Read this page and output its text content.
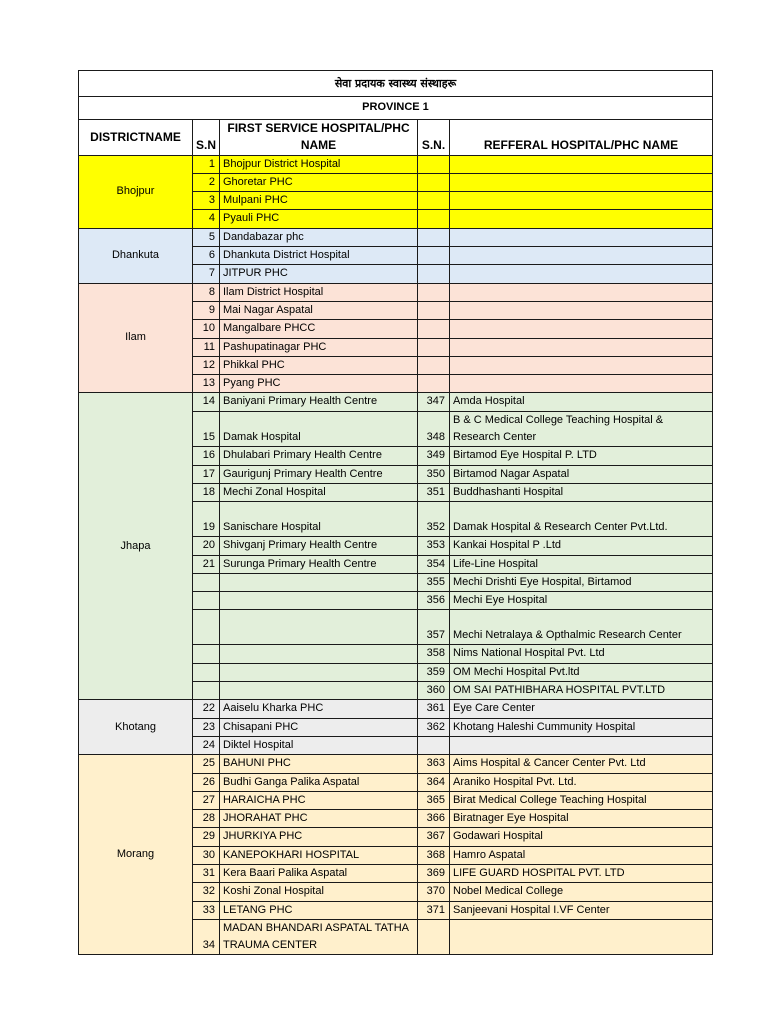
सेवा प्रदायक स्वास्थ्य संस्थाहरू				
PROVINCE 1				
DISTRICTNAME		FIRST SERVICE HOSPITAL/PHC		
	S.N	NAME	S.N.	REFFERAL HOSPITAL/PHC NAME
Bhojpur	1	Bhojpur District Hospital		
	2	Ghoretar PHC		
	3	Mulpani PHC		
	4	Pyauli PHC		
Dhankuta	5	Dandabazar phc		
	6	Dhankuta District Hospital		
	7	JITPUR PHC		
Ilam	8	Ilam District Hospital		
	9	Mai Nagar Aspatal		
	10	Mangalbare PHCC		
	11	Pashupatinagar PHC		
	12	Phikkal PHC		
	13	Pyang PHC		
Jhapa	14	Baniyani Primary Health Centre	347	Amda Hospital
	15	Damak Hospital	348	B & C Medical College Teaching Hospital & Research Center
	16	Dhulabari Primary Health Centre	349	Birtamod Eye Hospital P. LTD
	17	Gaurigunj Primary Health Centre	350	Birtamod Nagar Aspatal
	18	Mechi Zonal Hospital	351	Buddhashanti Hospital
	19	Sanischare Hospital	352	Damak Hospital & Research Center Pvt.Ltd.
	20	Shivganj Primary Health Centre	353	Kankai Hospital P .Ltd
	21	Surunga Primary Health Centre	354	Life-Line Hospital
			355	Mechi Drishti Eye Hospital, Birtamod
			356	Mechi Eye Hospital
			357	Mechi Netralaya & Opthalmic Research Center
			358	Nims National Hospital Pvt. Ltd
			359	OM Mechi Hospital Pvt.ltd
			360	OM SAI PATHIBHARA HOSPITAL PVT.LTD
Khotang	22	Aaiselu Kharka PHC	361	Eye Care Center
	23	Chisapani PHC	362	Khotang Haleshi Cummunity Hospital
	24	Diktel Hospital		
Morang	25	BAHUNI PHC	363	Aims Hospital & Cancer Center Pvt. Ltd
	26	Budhi Ganga Palika Aspatal	364	Araniko Hospital Pvt. Ltd.
	27	HARAICHA PHC	365	Birat Medical College Teaching Hospital
	28	JHORAHAT PHC	366	Biratnager Eye Hospital
	29	JHURKIYA PHC	367	Godawari Hospital
	30	KANEPOKHARI HOSPITAL	368	Hamro Aspatal
	31	Kera Baari Palika Aspatal	369	LIFE GUARD HOSPITAL PVT. LTD
	32	Koshi Zonal Hospital	370	Nobel Medical College
	33	LETANG PHC	371	Sanjeevani Hospital I.VF Center
	34	MADAN BHANDARI ASPATAL TATHA TRAUMA CENTER		
